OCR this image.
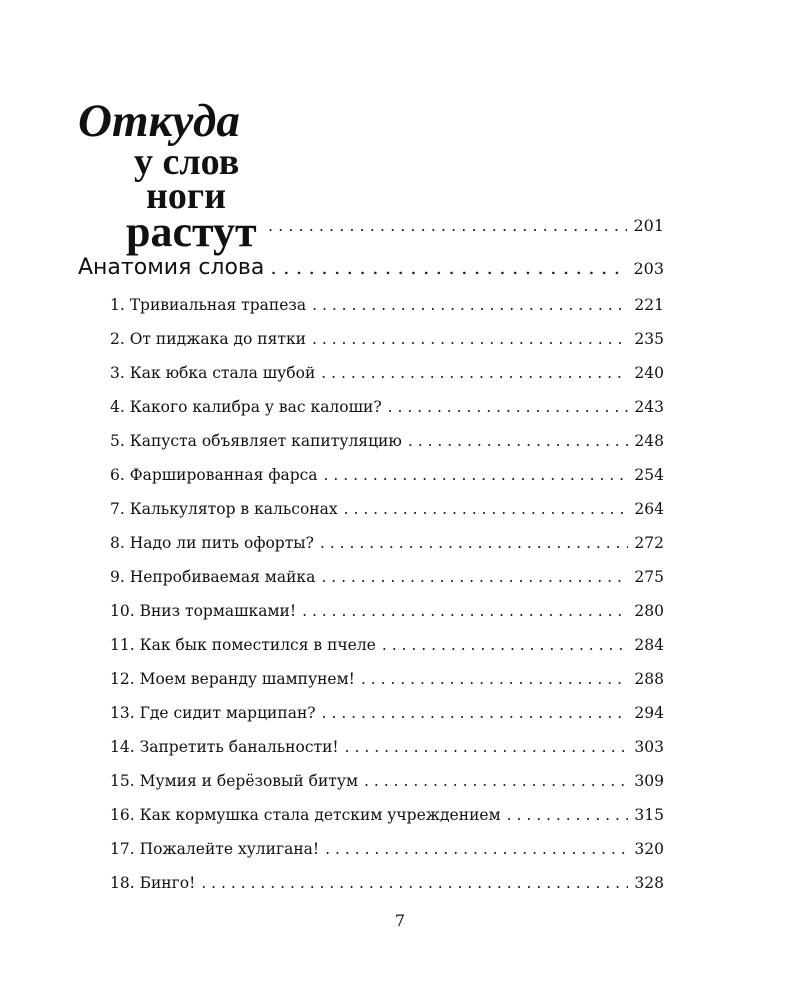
Откуда
у слов
ноги
растут . . .	201
Анатомия слова . . .	203
1. Тривиальная трапеза . . .	221
2. От пиджака до пятки . . .	235
3. Как юбка стала шубой . . .	240
4. Какого калибра у вас калоши? . . .	243
5. Капуста объявляет капитуляцию . . .	248
6. Фаршированная фарса . . .	254
7. Калькулятор в кальсонах . . .	264
8. Надо ли пить офорты? . . .	272
9. Непробиваемая майка . . .	275
10. Вниз тормашками! . . .	280
11. Как бык поместился в пчеле . . .	284
12. Моем веранду шампунем! . . .	288
13. Где сидит марципан? . . .	294
14. Запретить банальности! . . .	303
15. Мумия и берёзовый битум . . .	309
16. Как кормушка стала детским учреждением . . .	315
17. Пожалейте хулигана! . . .	320
18. Бинго! . . .	328
7
